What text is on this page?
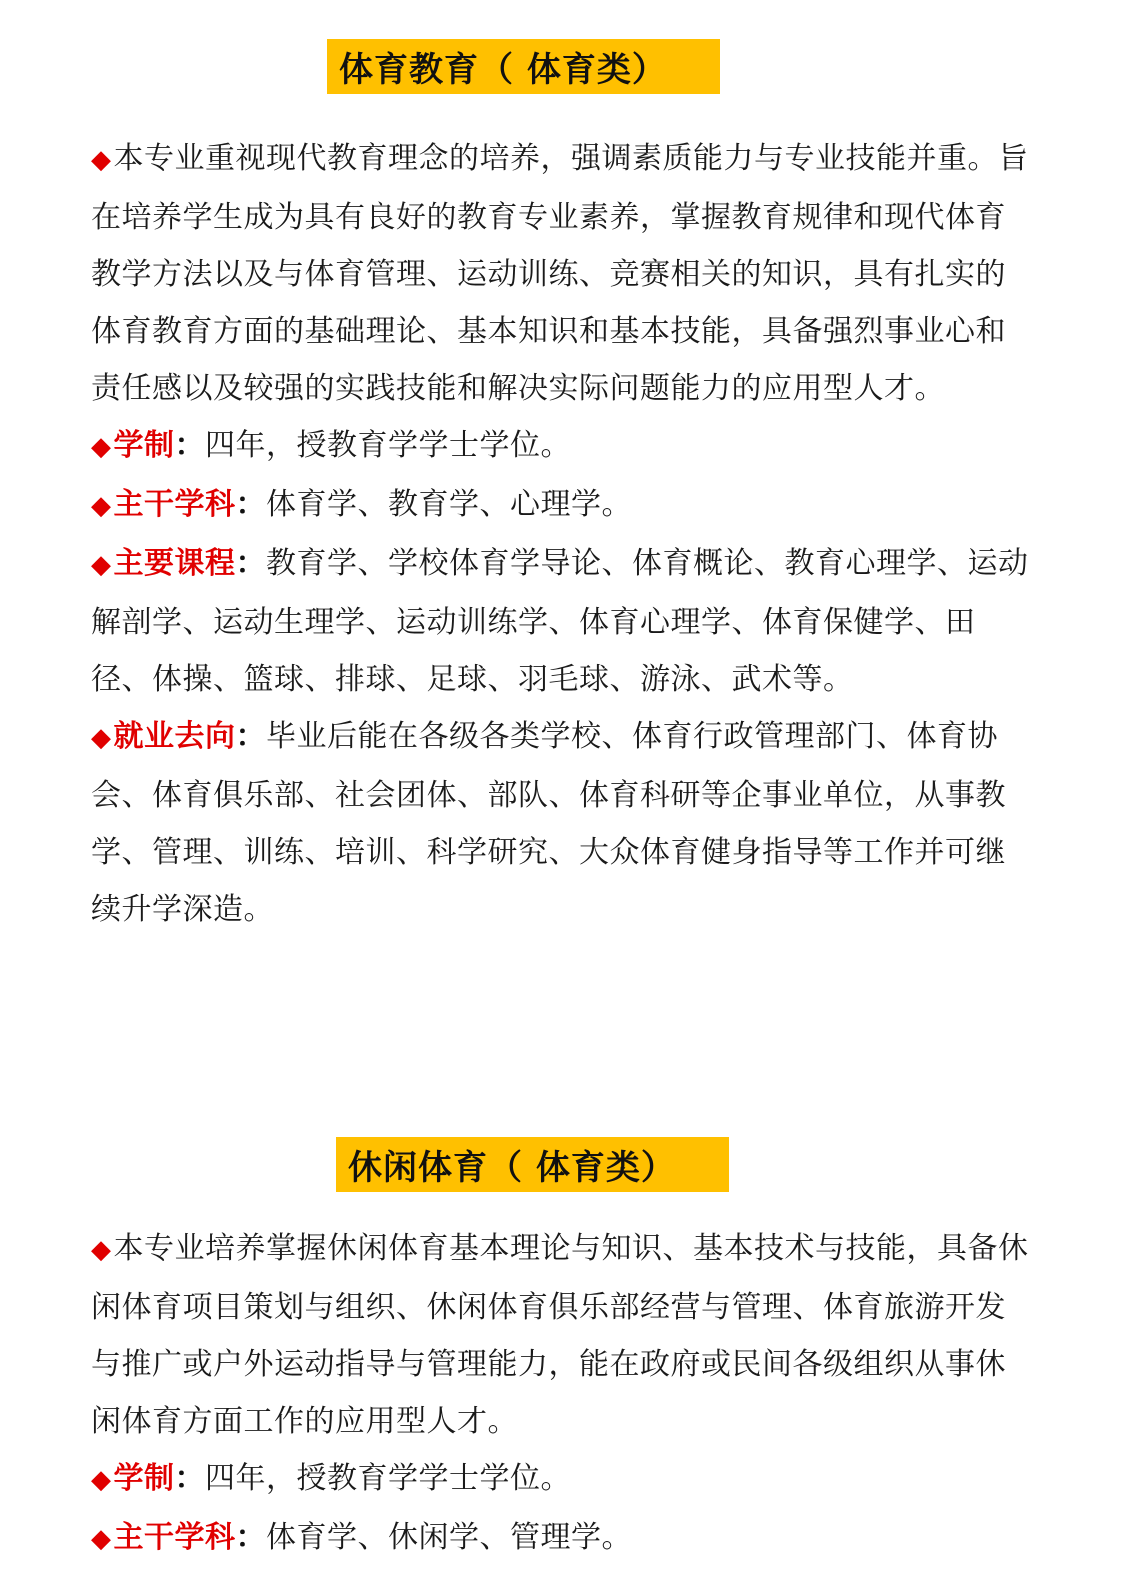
体育教育（ 体育类）

◆本专业重视现代教育理念的培养，强调素质能力与专业技能并重。旨在培养学生成为具有良好的教育专业素养，掌握教育规律和现代体育教学方法以及与体育管理、运动训练、竞赛相关的知识，具有扎实的体育教育方面的基础理论、基本知识和基本技能，具备强烈事业心和责任感以及较强的实践技能和解决实际问题能力的应用型人才。

◆学制：四年，授教育学学士学位。

◆主干学科：体育学、教育学、心理学。

◆主要课程：教育学、学校体育学导论、体育概论、教育心理学、运动解剖学、运动生理学、运动训练学、体育心理学、体育保健学、田径、体操、篮球、排球、足球、羽毛球、游泳、武术等。

◆就业去向：毕业后能在各级各类学校、体育行政管理部门、体育协会、体育俱乐部、社会团体、部队、体育科研等企事业单位，从事教学、管理、训练、培训、科学研究、大众体育健身指导等工作并可继续升学深造。

休闲体育（ 体育类）

◆本专业培养掌握休闲体育基本理论与知识、基本技术与技能，具备休闲体育项目策划与组织、休闲体育俱乐部经营与管理、体育旅游开发与推广或户外运动指导与管理能力，能在政府或民间各级组织从事休闲体育方面工作的应用型人才。

◆学制：四年，授教育学学士学位。

◆主干学科：体育学、休闲学、管理学。
